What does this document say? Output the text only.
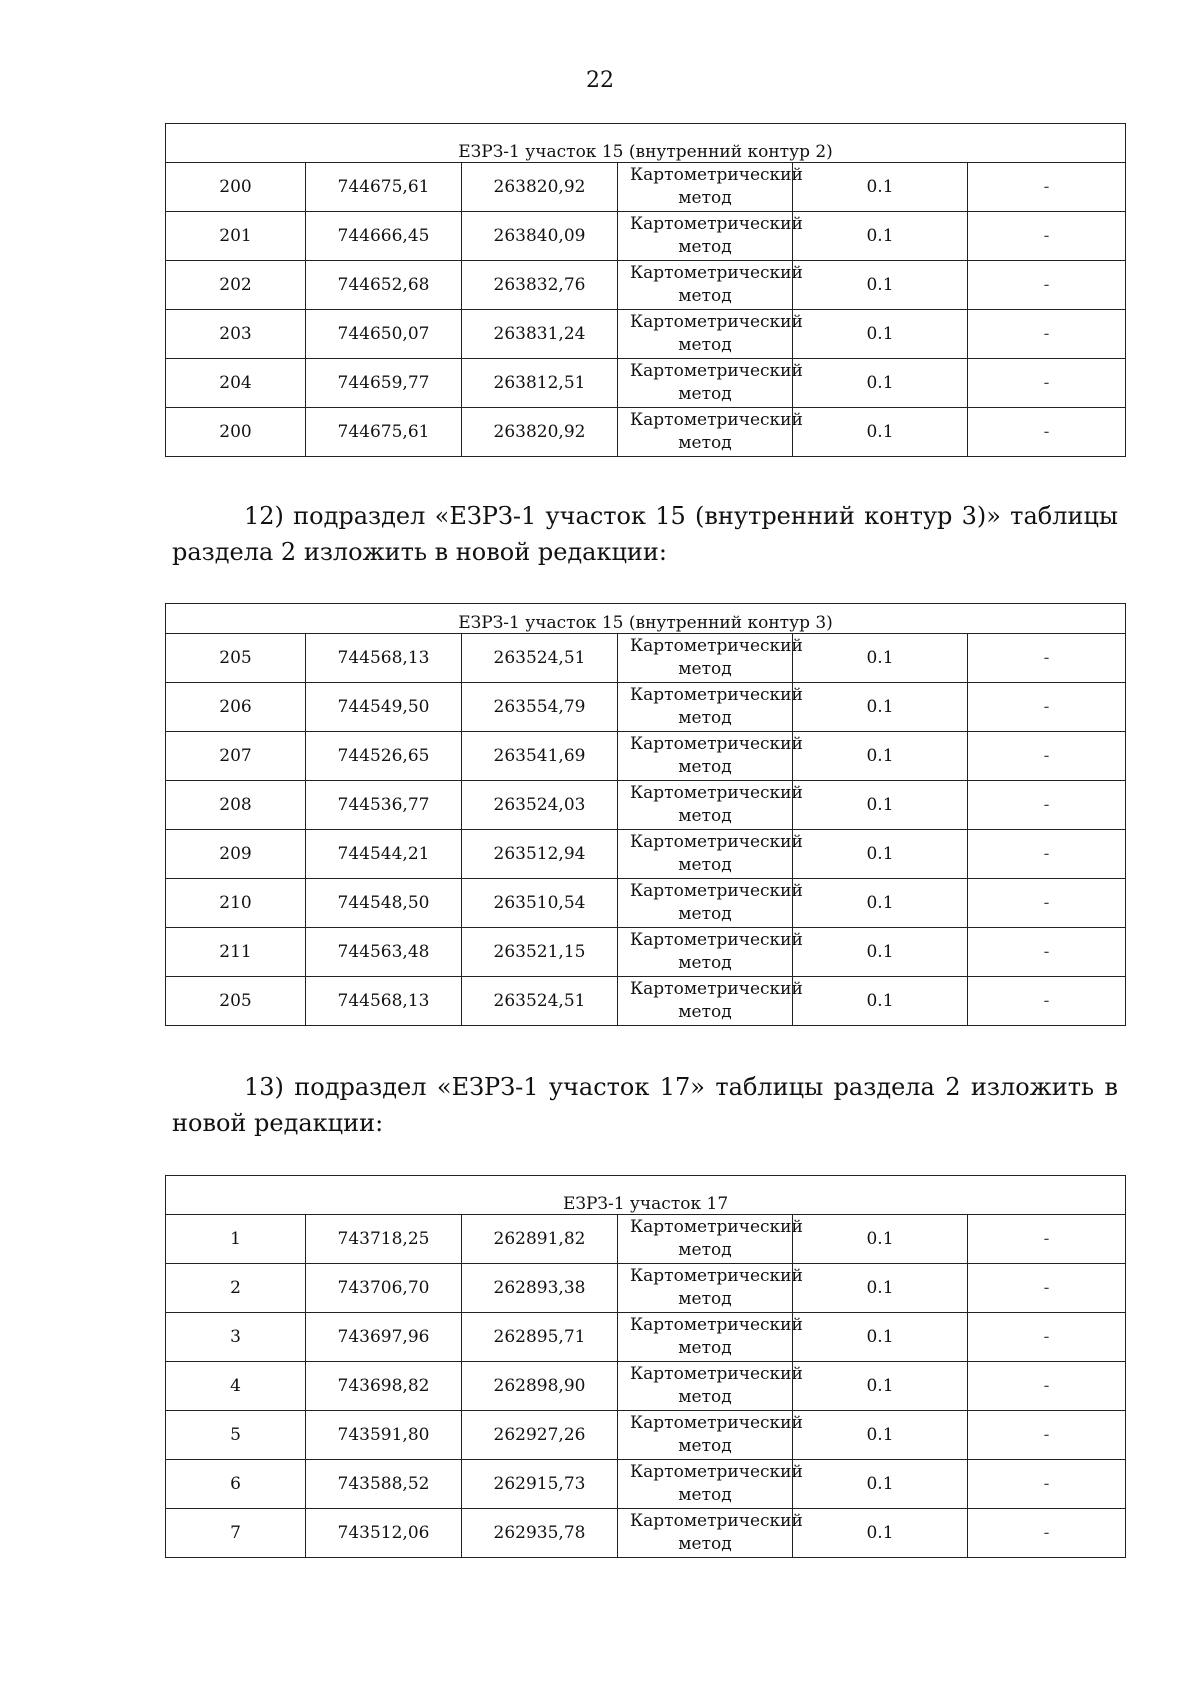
22
ЕЗРЗ-1 участок 15 (внутренний контур 2)					
200	744675,61	263820,92	Картометрический метод	0.1	-
201	744666,45	263840,09	Картометрический метод	0.1	-
202	744652,68	263832,76	Картометрический метод	0.1	-
203	744650,07	263831,24	Картометрический метод	0.1	-
204	744659,77	263812,51	Картометрический метод	0.1	-
200	744675,61	263820,92	Картометрический метод	0.1	-
12) подраздел «ЕЗРЗ-1 участок 15 (внутренний контур 3)» таблицы раздела 2 изложить в новой редакции:
ЕЗРЗ-1 участок 15 (внутренний контур 3)					
205	744568,13	263524,51	Картометрический метод	0.1	-
206	744549,50	263554,79	Картометрический метод	0.1	-
207	744526,65	263541,69	Картометрический метод	0.1	-
208	744536,77	263524,03	Картометрический метод	0.1	-
209	744544,21	263512,94	Картометрический метод	0.1	-
210	744548,50	263510,54	Картометрический метод	0.1	-
211	744563,48	263521,15	Картометрический метод	0.1	-
205	744568,13	263524,51	Картометрический метод	0.1	-
13) подраздел «ЕЗРЗ-1 участок 17» таблицы раздела 2 изложить в новой редакции:
ЕЗРЗ-1 участок 17					
1	743718,25	262891,82	Картометрический метод	0.1	-
2	743706,70	262893,38	Картометрический метод	0.1	-
3	743697,96	262895,71	Картометрический метод	0.1	-
4	743698,82	262898,90	Картометрический метод	0.1	-
5	743591,80	262927,26	Картометрический метод	0.1	-
6	743588,52	262915,73	Картометрический метод	0.1	-
7	743512,06	262935,78	Картометрический метод	0.1	-
